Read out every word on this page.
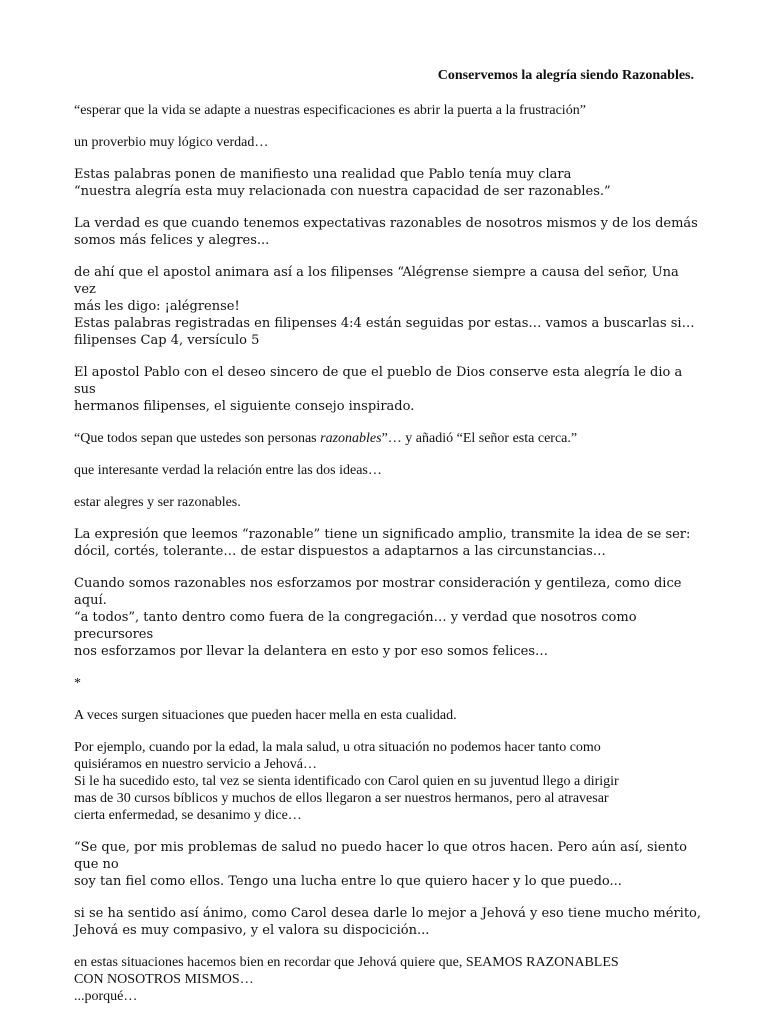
Conservemos la alegría siendo Razonables.

“esperar que la vida se adapte a nuestras especificaciones es abrir la puerta a la frustración”

un proverbio muy lógico verdad…

Estas palabras ponen de manifiesto una realidad que Pablo tenía muy clara
“nuestra alegría esta muy relacionada con nuestra capacidad de ser razonables.”

La verdad es que cuando tenemos expectativas razonables de nosotros mismos y de los demás
somos más felices y alegres...

de ahí que el apostol animara así a los filipenses “Alégrense siempre a causa del señor, Una vez
más les digo: ¡alégrense!
Estas palabras registradas en filipenses 4:4 están seguidas por estas… vamos a buscarlas si…
filipenses Cap 4, versículo 5

El apostol Pablo con el deseo sincero de que el pueblo de Dios conserve esta alegría le dio a sus
hermanos filipenses, el siguiente consejo inspirado.

“Que todos sepan que ustedes son personas razonables”… y añadió “El señor esta cerca.”

que interesante verdad la relación entre las dos ideas…

estar alegres y ser razonables.

La expresión que leemos “razonable” tiene un significado amplio, transmite la idea de se ser:
dócil, cortés, tolerante… de estar dispuestos a adaptarnos a las circunstancias…

Cuando somos razonables nos esforzamos por mostrar consideración y gentileza, como dice aquí.
“a todos”, tanto dentro como fuera de la congregación… y verdad que nosotros como precursores
nos esforzamos por llevar la delantera en esto y por eso somos felices…

*

A veces surgen situaciones que pueden hacer mella en esta cualidad.

Por ejemplo, cuando por la edad, la mala salud, u otra situación no podemos hacer tanto como
quisiéramos en nuestro servicio a Jehová…
Si le ha sucedido esto, tal vez se sienta identificado con Carol quien en su juventud llego a dirigir
mas de 30 cursos bíblicos y muchos de ellos llegaron a ser nuestros hermanos, pero al atravesar
cierta enfermedad, se desanimo y dice…

“Se que, por mis problemas de salud no puedo hacer lo que otros hacen. Pero aún así, siento que no
soy tan fiel como ellos. Tengo una lucha entre lo que quiero hacer y lo que puedo...

si se ha sentido así ánimo, como Carol desea darle lo mejor a Jehová y eso tiene mucho mérito,
Jehová es muy compasivo, y el valora su dispocición...

en estas situaciones hacemos bien en recordar que Jehová quiere que, SEAMOS RAZONABLES
CON NOSOTROS MISMOS…
...porqué…
